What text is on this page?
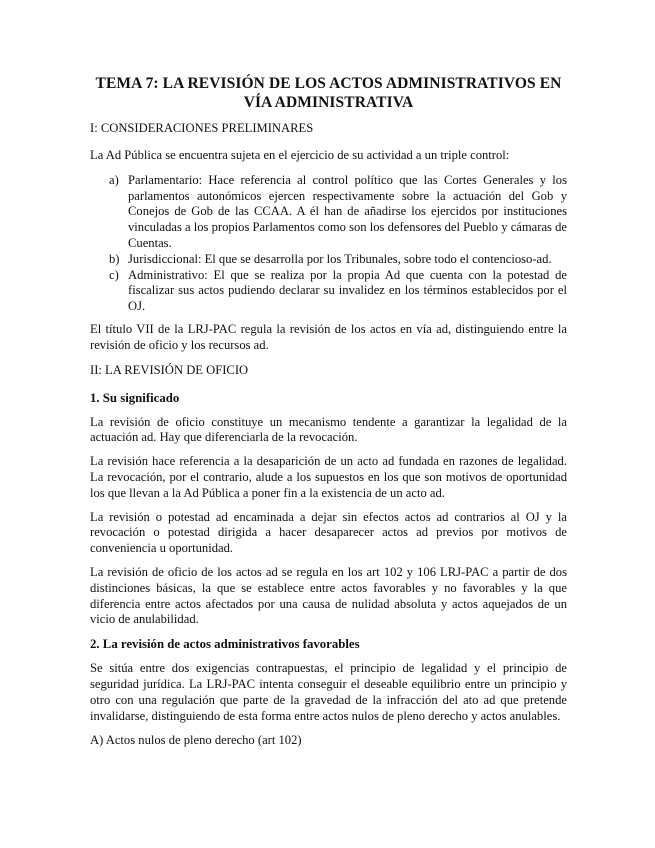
TEMA 7: LA REVISIÓN DE LOS ACTOS ADMINISTRATIVOS EN VÍA ADMINISTRATIVA
I: CONSIDERACIONES PRELIMINARES

La Ad Pública se encuentra sujeta en el ejercicio de su actividad a un triple control:

a) Parlamentario: Hace referencia al control político que las Cortes Generales y los parlamentos autonómicos ejercen respectivamente sobre la actuación del Gob y Conejos de Gob de las CCAA. A él han de añadirse los ejercidos por instituciones vinculadas a los propios Parlamentos como son los defensores del Pueblo y cámaras de Cuentas.
b) Jurisdiccional: El que se desarrolla por los Tribunales, sobre todo el contencioso-ad.
c) Administrativo: El que se realiza por la propia Ad que cuenta con la potestad de fiscalizar sus actos pudiendo declarar su invalidez en los términos establecidos por el OJ.

El título VII de la LRJ-PAC regula la revisión de los actos en vía ad, distinguiendo entre la revisión de oficio y los recursos ad.

II: LA REVISIÓN DE OFICIO
1. Su significado

La revisión de oficio constituye un mecanismo tendente a garantizar la legalidad de la actuación ad. Hay que diferenciarla de la revocación.

La revisión hace referencia a la desaparición de un acto ad fundada en razones de legalidad. La revocación, por el contrario, alude a los supuestos en los que son motivos de oportunidad los que llevan a la Ad Pública a poner fin a la existencia de un acto ad.

La revisión o potestad ad encaminada a dejar sin efectos actos ad contrarios al OJ y la revocación o potestad dirigida a hacer desaparecer actos ad previos por motivos de conveniencia u oportunidad.

La revisión de oficio de los actos ad se regula en los art 102 y 106 LRJ-PAC a partir de dos distinciones básicas, la que se establece entre actos favorables y no favorables y la que diferencia entre actos afectados por una causa de nulidad absoluta y actos aquejados de un vicio de anulabilidad.

2. La revisión de actos administrativos favorables

Se sitúa entre dos exigencias contrapuestas, el principio de legalidad y el principio de seguridad jurídica. La LRJ-PAC intenta conseguir el deseable equilibrio entre un principio y otro con una regulación que parte de la gravedad de la infracción del ato ad que pretende invalidarse, distinguiendo de esta forma entre actos nulos de pleno derecho y actos anulables.

A) Actos nulos de pleno derecho (art 102)
